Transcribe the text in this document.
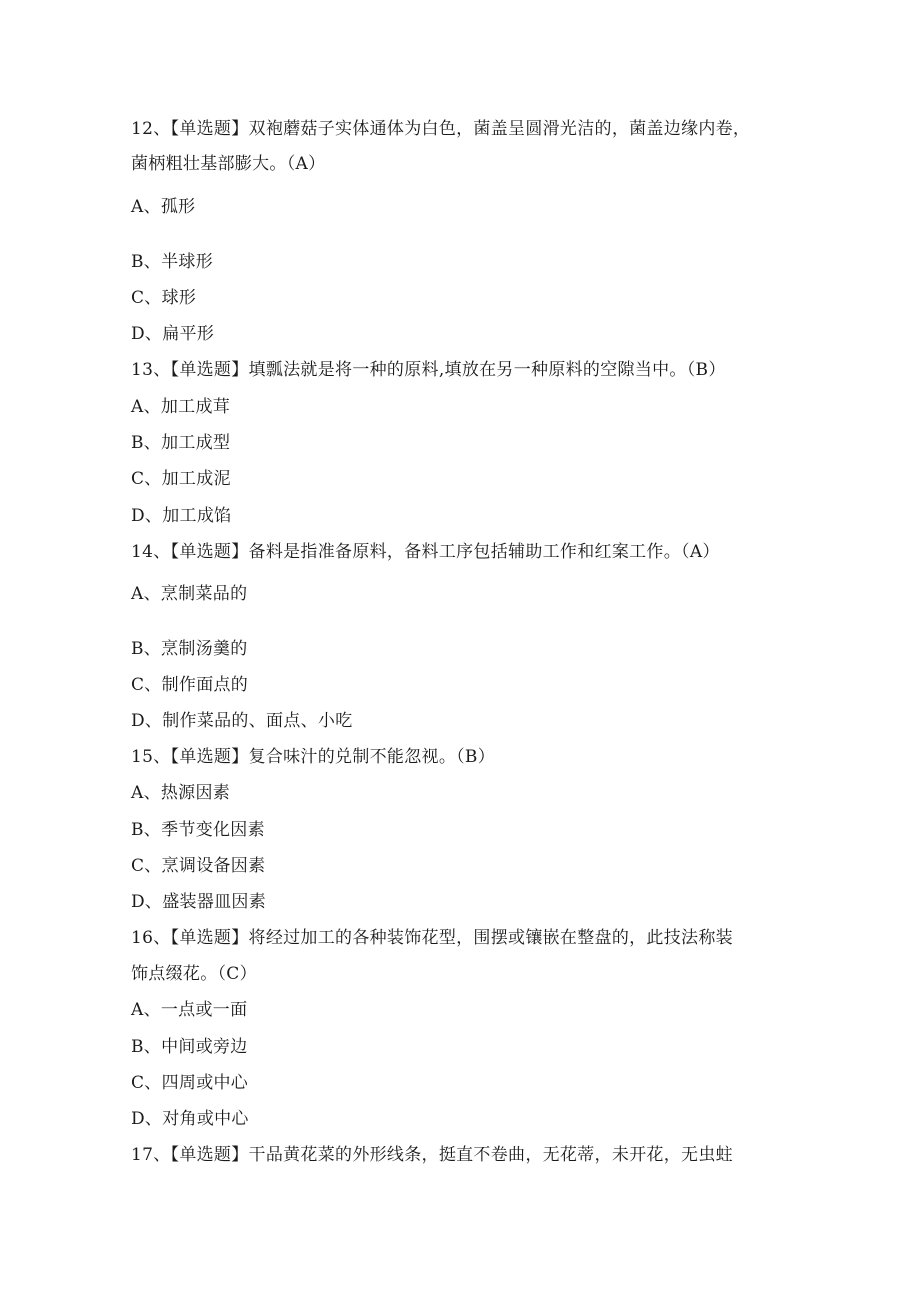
12、【单选题】双袍蘑菇子实体通体为白色，菌盖呈圆滑光洁的，菌盖边缘内卷，
菌柄粗壮基部膨大。（A）
A、孤形
B、半球形
C、球形
D、扁平形
13、【单选题】填瓢法就是将一种的原料,填放在另一种原料的空隙当中。（B）
A、加工成茸
B、加工成型
C、加工成泥
D、加工成馅
14、【单选题】备料是指准备原料，备料工序包括辅助工作和红案工作。（A）
A、烹制菜品的
B、烹制汤羹的
C、制作面点的
D、制作菜品的、面点、小吃
15、【单选题】复合味汁的兑制不能忽视。（B）
A、热源因素
B、季节变化因素
C、烹调设备因素
D、盛装器皿因素
16、【单选题】将经过加工的各种装饰花型，围摆或镶嵌在整盘的，此技法称装
饰点缀花。（C）
A、一点或一面
B、中间或旁边
C、四周或中心
D、对角或中心
17、【单选题】干品黄花菜的外形线条，挺直不卷曲，无花蒂，未开花，无虫蛀
